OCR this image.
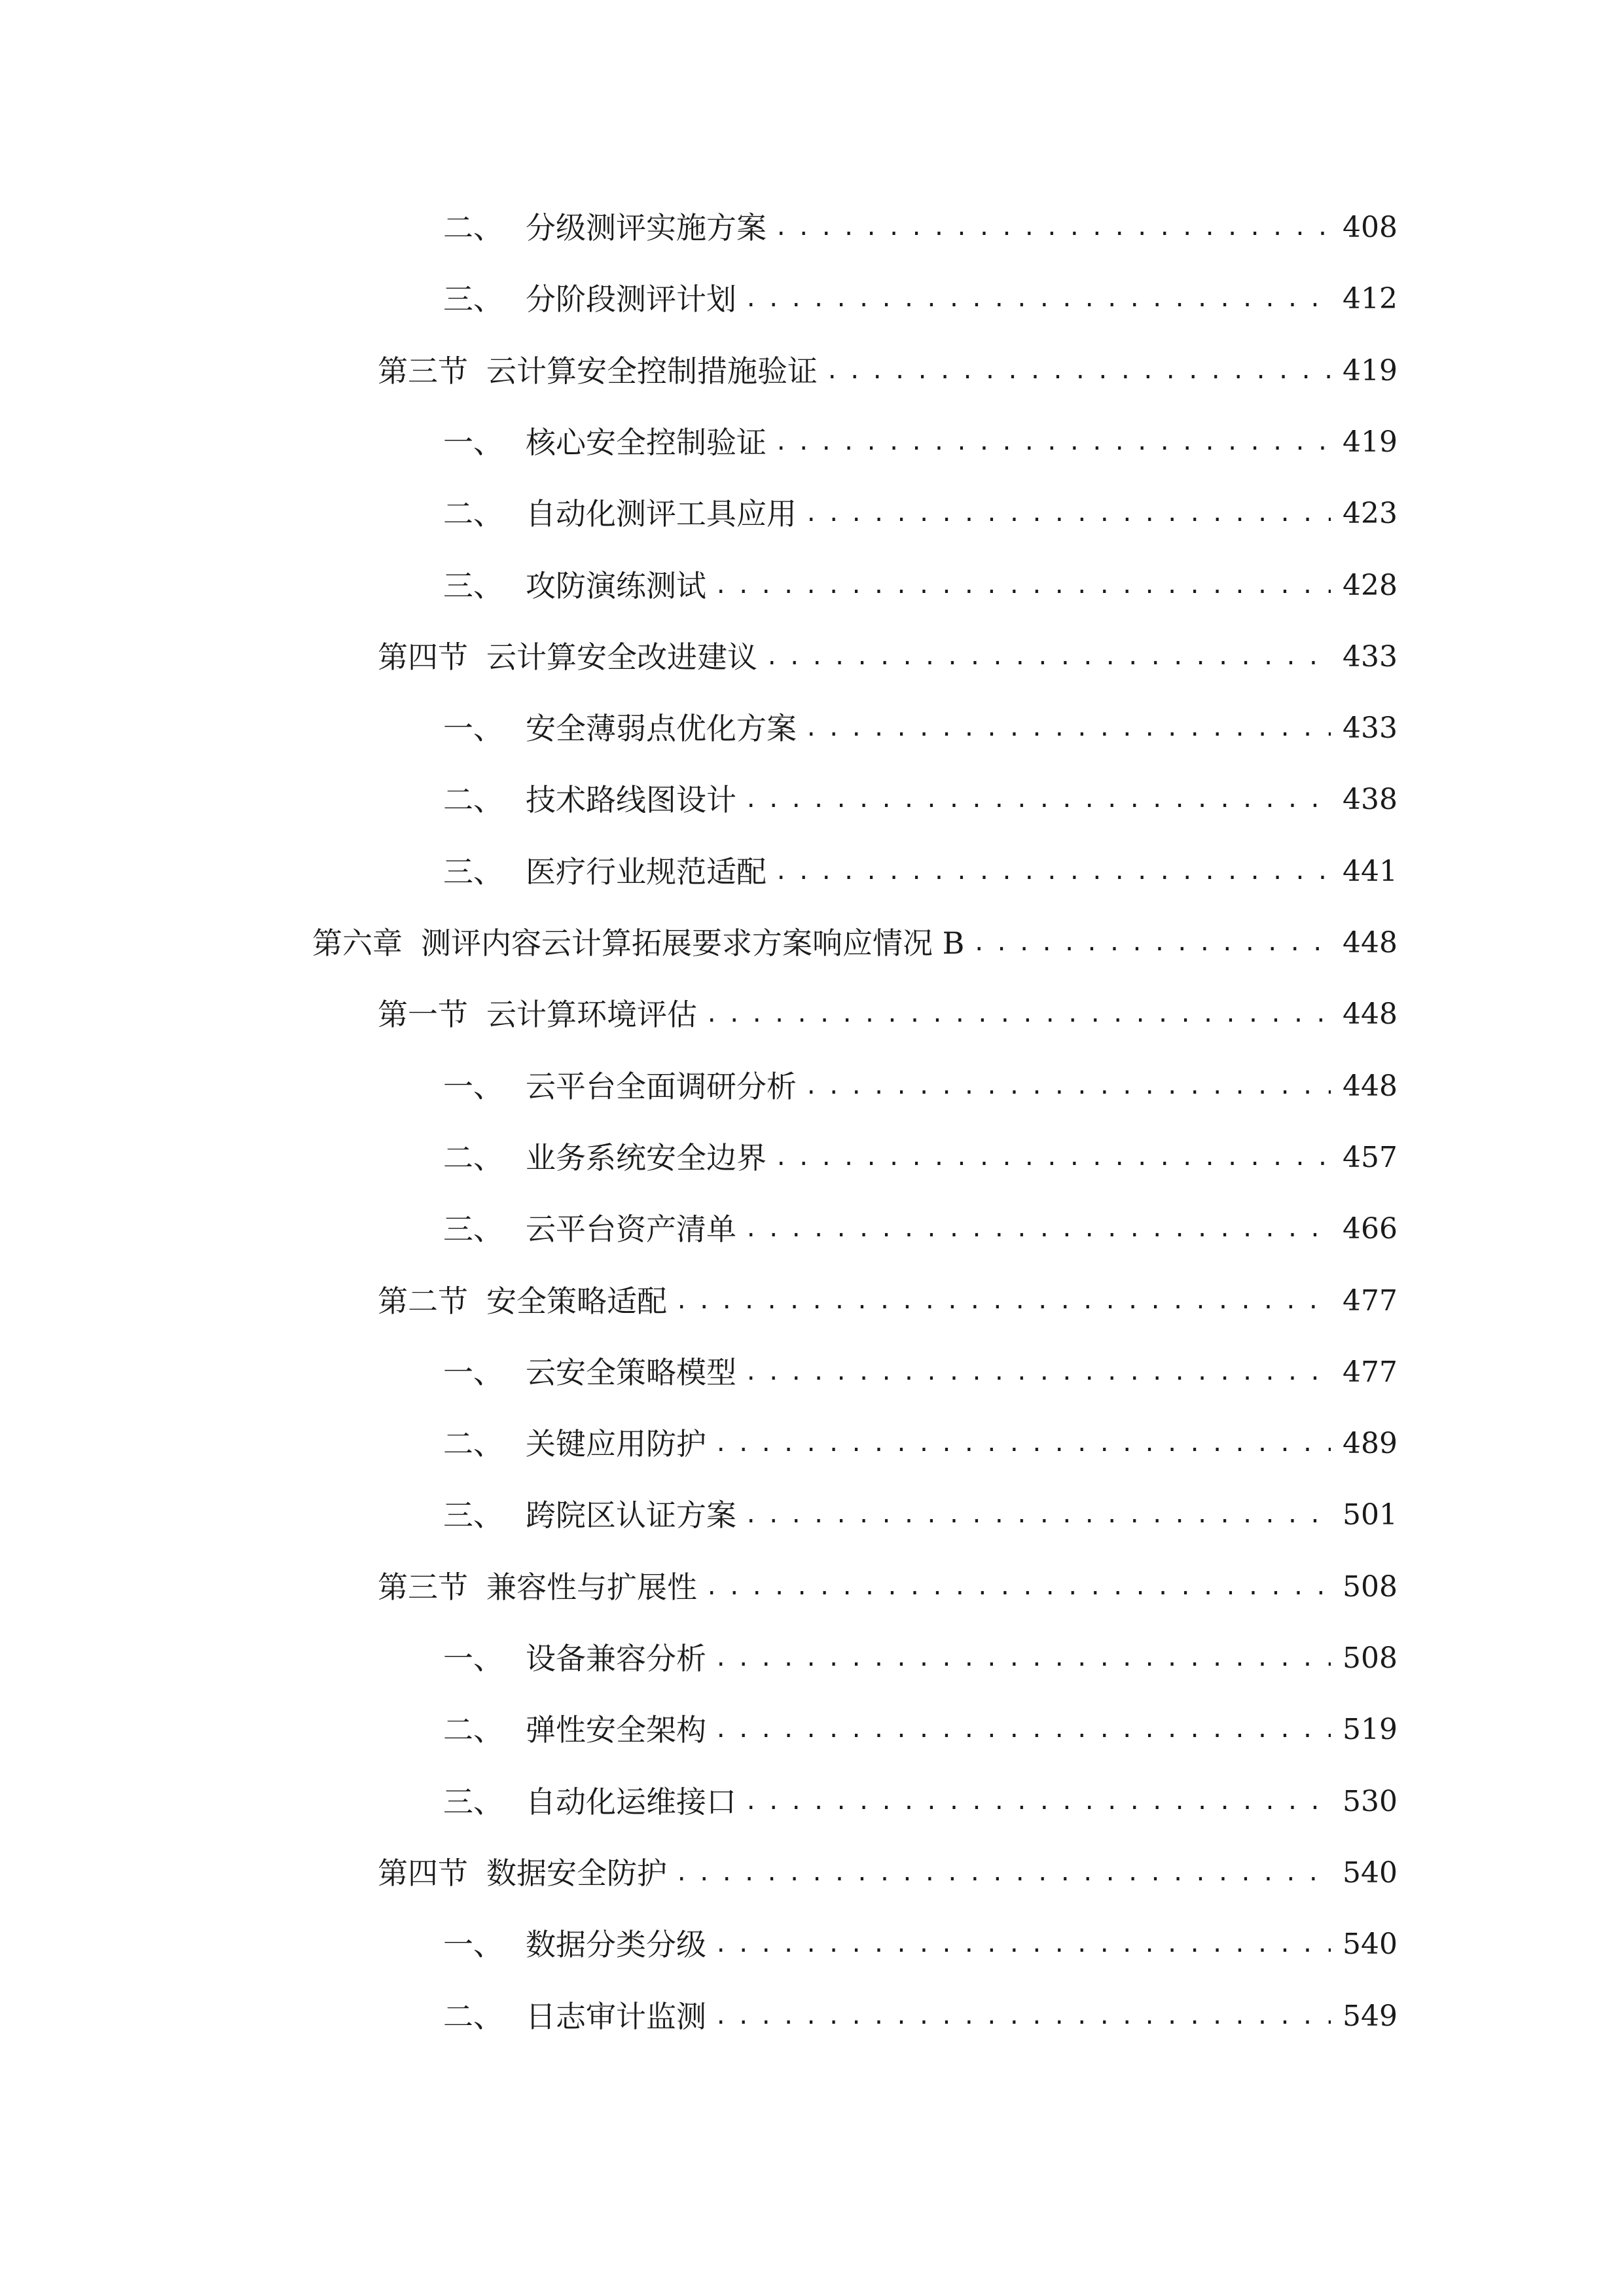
二、 分级测评实施方案 .....	408
三、 分阶段测评计划 .....	412
第三节 云计算安全控制措施验证 .....	419
一、 核心安全控制验证 .....	419
二、 自动化测评工具应用 .....	423
三、 攻防演练测试 .....	428
第四节 云计算安全改进建议 .....	433
一、 安全薄弱点优化方案 .....	433
二、 技术路线图设计 .....	438
三、 医疗行业规范适配 .....	441
第六章 测评内容云计算拓展要求方案响应情况 B .....	448
第一节 云计算环境评估 .....	448
一、 云平台全面调研分析 .....	448
二、 业务系统安全边界 .....	457
三、 云平台资产清单 .....	466
第二节 安全策略适配 .....	477
一、 云安全策略模型 .....	477
二、 关键应用防护 .....	489
三、 跨院区认证方案 .....	501
第三节 兼容性与扩展性 .....	508
一、 设备兼容分析 .....	508
二、 弹性安全架构 .....	519
三、 自动化运维接口 .....	530
第四节 数据安全防护 .....	540
一、 数据分类分级 .....	540
二、 日志审计监测 .....	549
